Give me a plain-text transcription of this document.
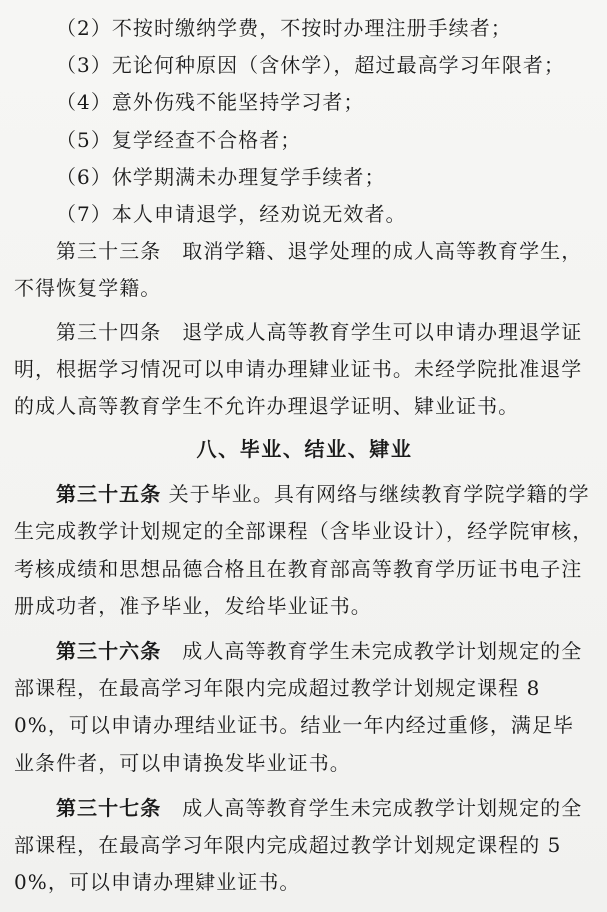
（2）不按时缴纳学费，不按时办理注册手续者；

（3）无论何种原因（含休学），超过最高学习年限者；

（4）意外伤残不能坚持学习者；

（5）复学经查不合格者；

（6）休学期满未办理复学手续者；

（7）本人申请退学，经劝说无效者。

第三十三条　取消学籍、退学处理的成人高等教育学生，不得恢复学籍。

第三十四条　退学成人高等教育学生可以申请办理退学证明，根据学习情况可以申请办理肄业证书。未经学院批准退学的成人高等教育学生不允许办理退学证明、肄业证书。

八、毕业、结业、肄业

第三十五条 关于毕业。具有网络与继续教育学院学籍的学生完成教学计划规定的全部课程（含毕业设计），经学院审核，考核成绩和思想品德合格且在教育部高等教育学历证书电子注册成功者，准予毕业，发给毕业证书。

第三十六条　成人高等教育学生未完成教学计划规定的全部课程，在最高学习年限内完成超过教学计划规定课程 80%，可以申请办理结业证书。结业一年内经过重修，满足毕业条件者，可以申请换发毕业证书。

第三十七条　成人高等教育学生未完成教学计划规定的全部课程，在最高学习年限内完成超过教学计划规定课程的 50%，可以申请办理肄业证书。
